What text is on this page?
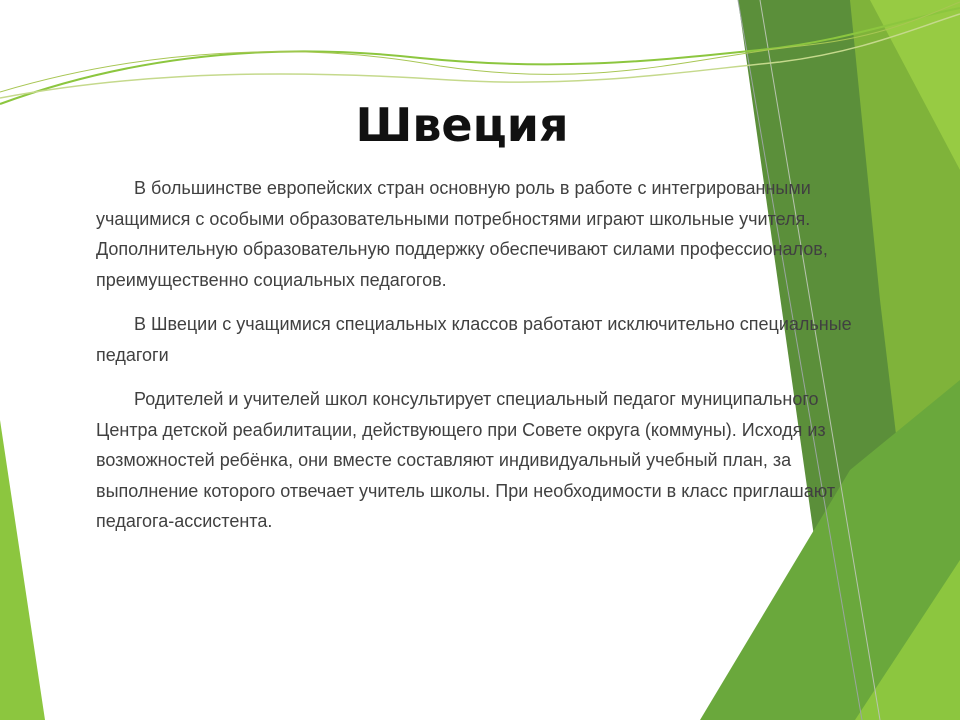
Швеция

В большинстве европейских стран основную роль в работе с интегрированными учащимися с особыми образовательными потребностями играют школьные учителя. Дополнительную образовательную поддержку обеспечивают силами профессионалов, преимущественно социальных педагогов.

В Швеции с учащимися специальных классов работают исключительно специальные педагоги

Родителей и учителей школ консультирует специальный педагог муниципального Центра детской реабилитации, действующего при Совете округа (коммуны). Исходя из возможностей ребёнка, они вместе составляют индивидуальный учебный план, за выполнение которого отвечает учитель школы. При необходимости в класс приглашают педагога-ассистента.
